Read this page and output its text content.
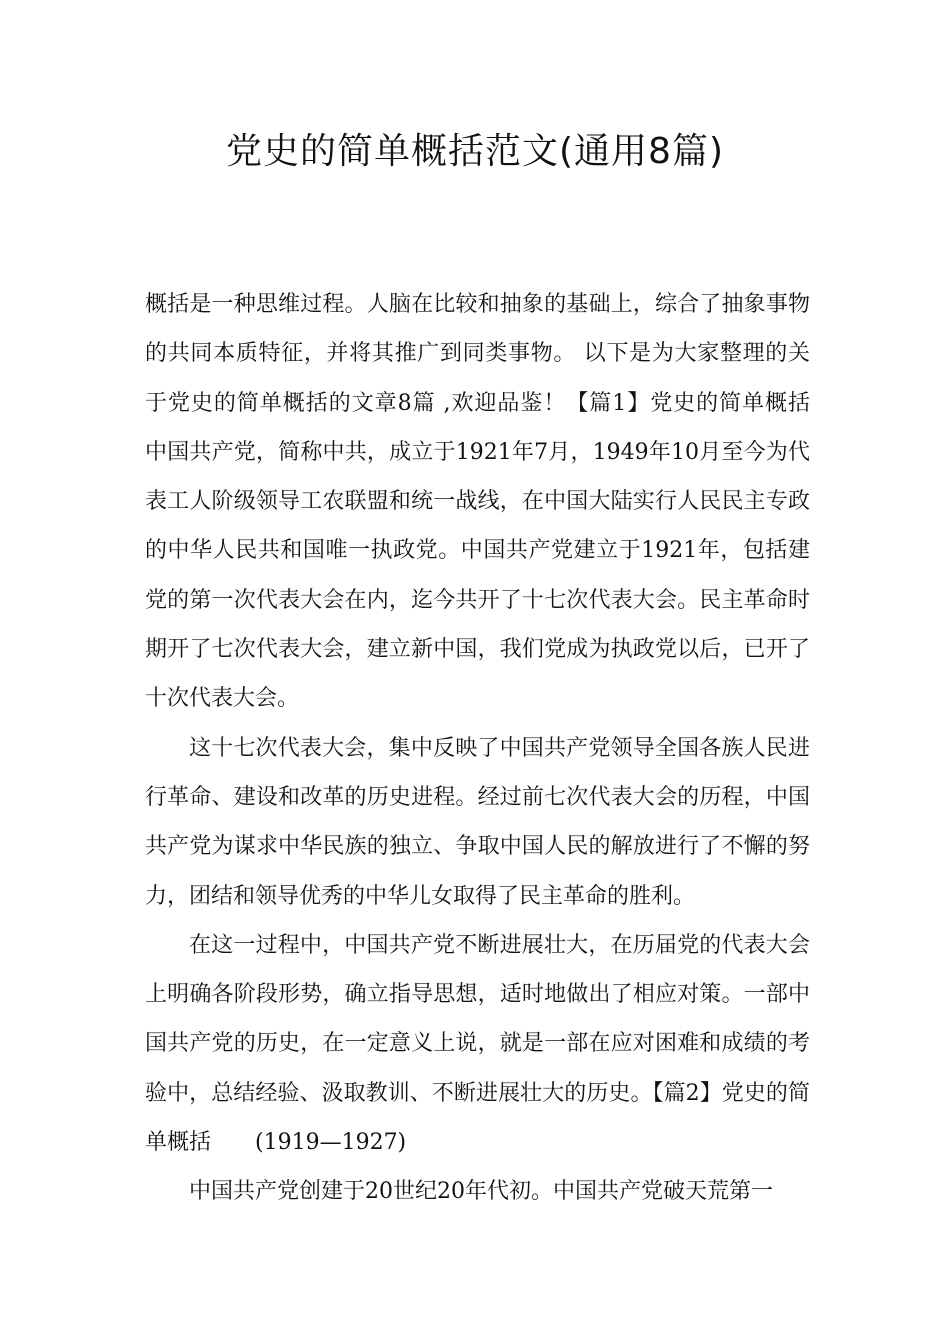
党史的简单概括范文(通用8篇)

概括是一种思维过程。人脑在比较和抽象的基础上，综合了抽象事物的共同本质特征，并将其推广到同类事物。 以下是为大家整理的关于党史的简单概括的文章8篇 ,欢迎品鉴！【篇1】党史的简单概括　　中国共产党，简称中共，成立于1921年7月，1949年10月至今为代表工人阶级领导工农联盟和统一战线，在中国大陆实行人民民主专政的中华人民共和国唯一执政党。中国共产党建立于1921年，包括建党的第一次代表大会在内，迄今共开了十七次代表大会。民主革命时期开了七次代表大会，建立新中国，我们党成为执政党以后，已开了十次代表大会。

这十七次代表大会，集中反映了中国共产党领导全国各族人民进行革命、建设和改革的历史进程。经过前七次代表大会的历程，中国共产党为谋求中华民族的独立、争取中国人民的解放进行了不懈的努力，团结和领导优秀的中华儿女取得了民主革命的胜利。

在这一过程中，中国共产党不断进展壮大，在历届党的代表大会上明确各阶段形势，确立指导思想，适时地做出了相应对策。一部中国共产党的历史，在一定意义上说，就是一部在应对困难和成绩的考验中，总结经验、汲取教训、不断进展壮大的历史。【篇2】党史的简单概括　　(1919—1927)

中国共产党创建于20世纪20年代初。中国共产党破天荒第一
